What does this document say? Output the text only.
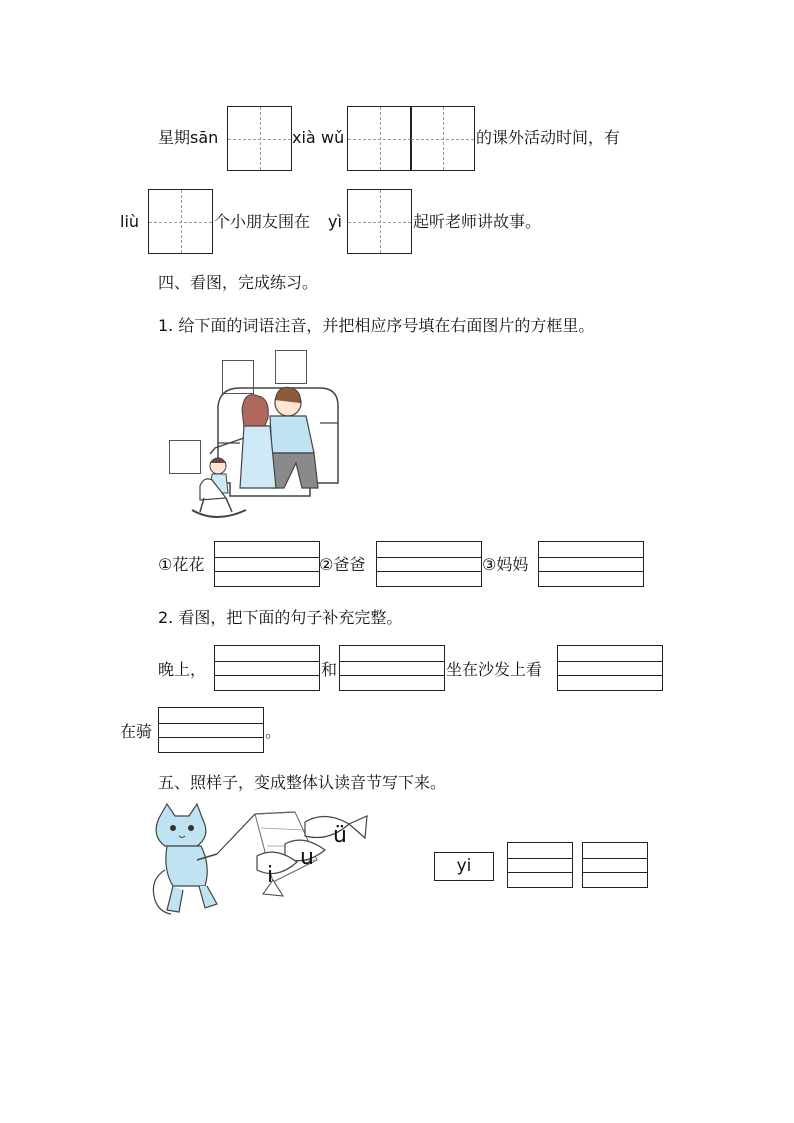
星期 sān	xià wǔ	的课外活动时间，有
liù	个小朋友围在 yì	起听老师讲故事。
四、看图，完成练习。
1. 给下面的词语注音，并把相应序号填在右面图片的方框里。
①花花	②爸爸	③妈妈
2. 看图，把下面的句子补充完整。
晚上，	和	坐在沙发上看
在骑	。
五、照样子，变成整体认读音节写下来。
ü
u
i	yi
